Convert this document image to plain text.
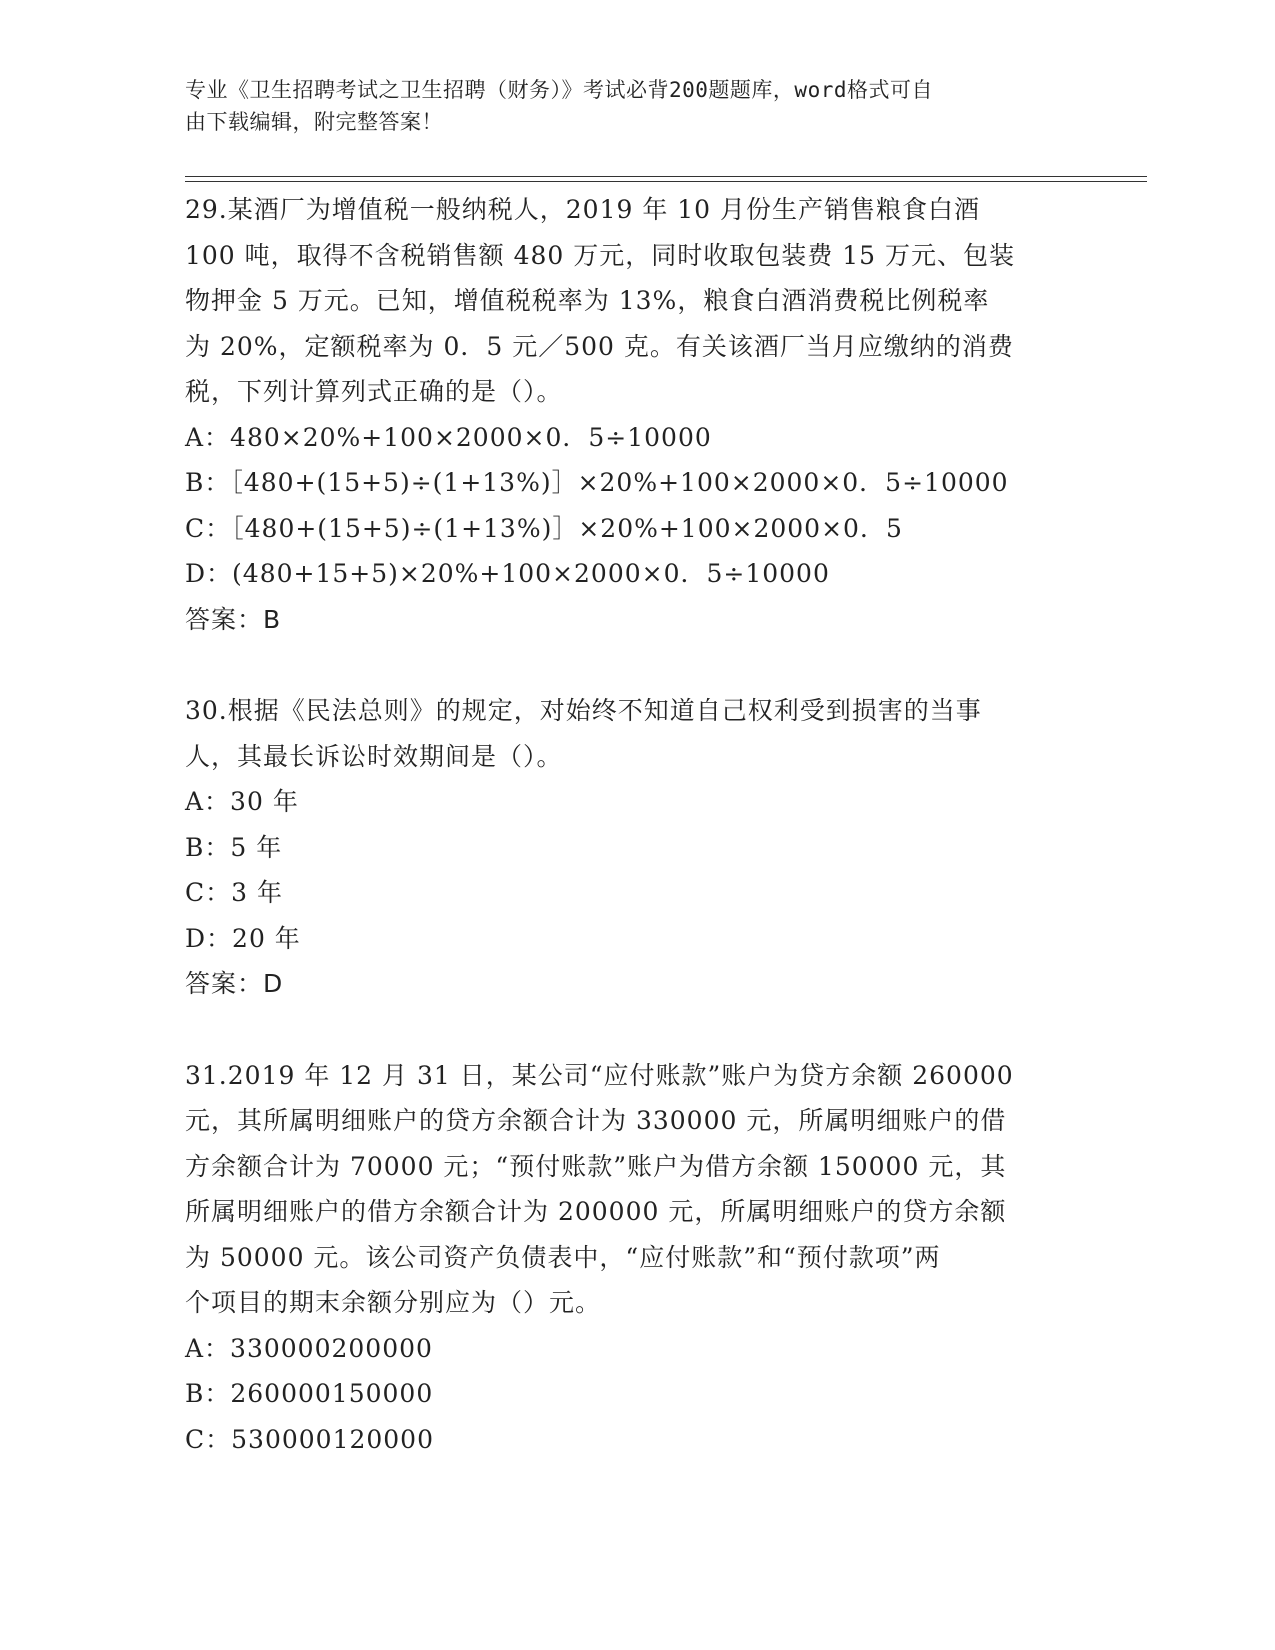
专业《卫生招聘考试之卫生招聘（财务）》考试必背200题题库，word格式可自
由下载编辑，附完整答案！
29.某酒厂为增值税一般纳税人，2019 年 10 月份生产销售粮食白酒
100 吨，取得不含税销售额 480 万元，同时收取包装费 15 万元、包装
物押金 5 万元。已知，增值税税率为 13%，粮食白酒消费税比例税率
为 20%，定额税率为 0．5 元／500 克。有关该酒厂当月应缴纳的消费
税，下列计算列式正确的是（）。
A：480×20%+100×2000×0．5÷10000
B：［480+(15+5)÷(1+13%)］×20%+100×2000×0．5÷10000
C：［480+(15+5)÷(1+13%)］×20%+100×2000×0．5
D：(480+15+5)×20%+100×2000×0．5÷10000
答案：B
30.根据《民法总则》的规定，对始终不知道自己权利受到损害的当事
人，其最长诉讼时效期间是（）。
A：30 年
B：5 年
C：3 年
D：20 年
答案：D
31.2019 年 12 月 31 日，某公司“应付账款”账户为贷方余额 260000
元，其所属明细账户的贷方余额合计为 330000 元，所属明细账户的借
方余额合计为 70000 元；“预付账款”账户为借方余额 150000 元，其
所属明细账户的借方余额合计为 200000 元，所属明细账户的贷方余额
为 50000 元。该公司资产负债表中，“应付账款”和“预付款项”两
个项目的期末余额分别应为（）元。
A：330000200000
B：260000150000
C：530000120000
